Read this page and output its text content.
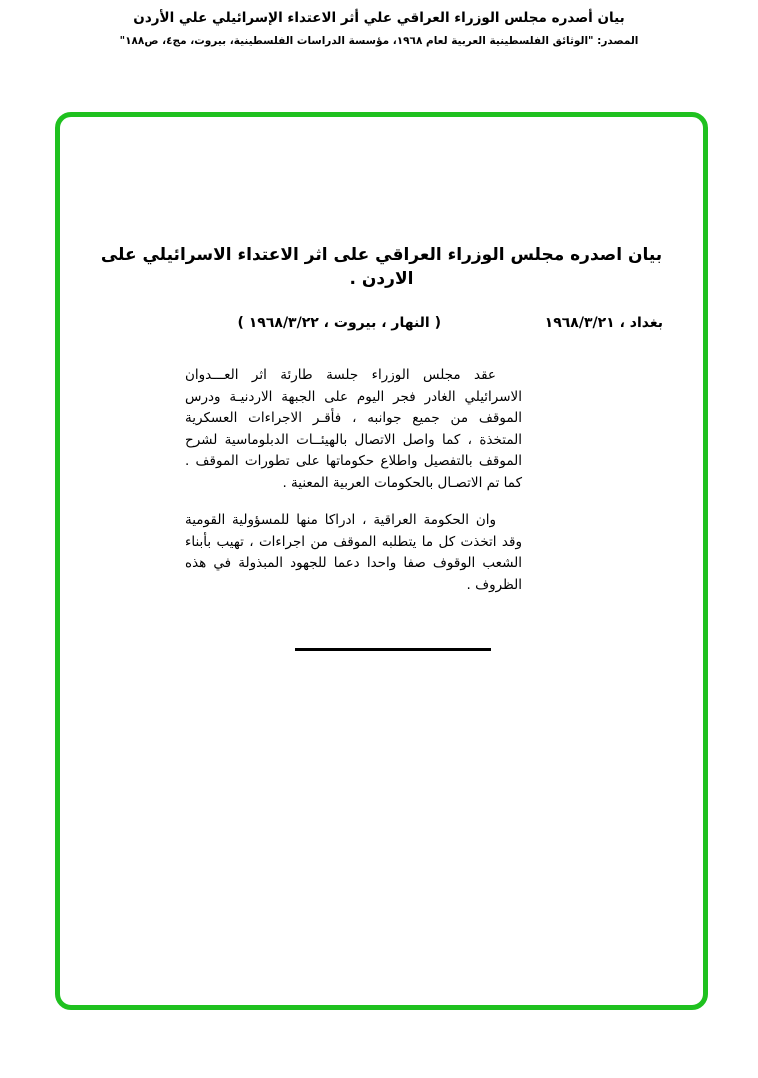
بيان أصدره مجلس الوزراء العراقي علي أثر الاعتداء الإسرائيلي علي الأردن
المصدر: "الوثائق الفلسطينية العربية لعام ١٩٦٨، مؤسسة الدراسات الفلسطينية، بيروت، مج٤، ص١٨٨"
بيان اصدره مجلس الوزراء العراقي على اثر الاعتداء الاسرائيلي على الاردن .
بغداد ، ١٩٦٨/٣/٢١
( النهار ، بيروت ، ١٩٦٨/٣/٢٢ )

عقد مجلس الوزراء جلسة طارئة اثر العـــدوان الاسرائيلي الغادر فجر اليوم على الجبهة الاردنيـة ودرس الموقف من جميع جوانبه ، فأقـر الاجراءات العسكرية المتخذة ، كما واصل الاتصال بالهيئــات الدبلوماسية لشرح الموقف بالتفصيل واطلاع حكوماتها على تطورات الموقف . كما تم الاتصـال بالحكومات العربية المعنية .

وان الحكومة العراقية ، ادراكا منها للمسؤولية القومية وقد اتخذت كل ما يتطلبه الموقف من اجراءات ، تهيب بأبناء الشعب الوقوف صفا واحدا دعما للجهود المبذولة في هذه الظروف .
